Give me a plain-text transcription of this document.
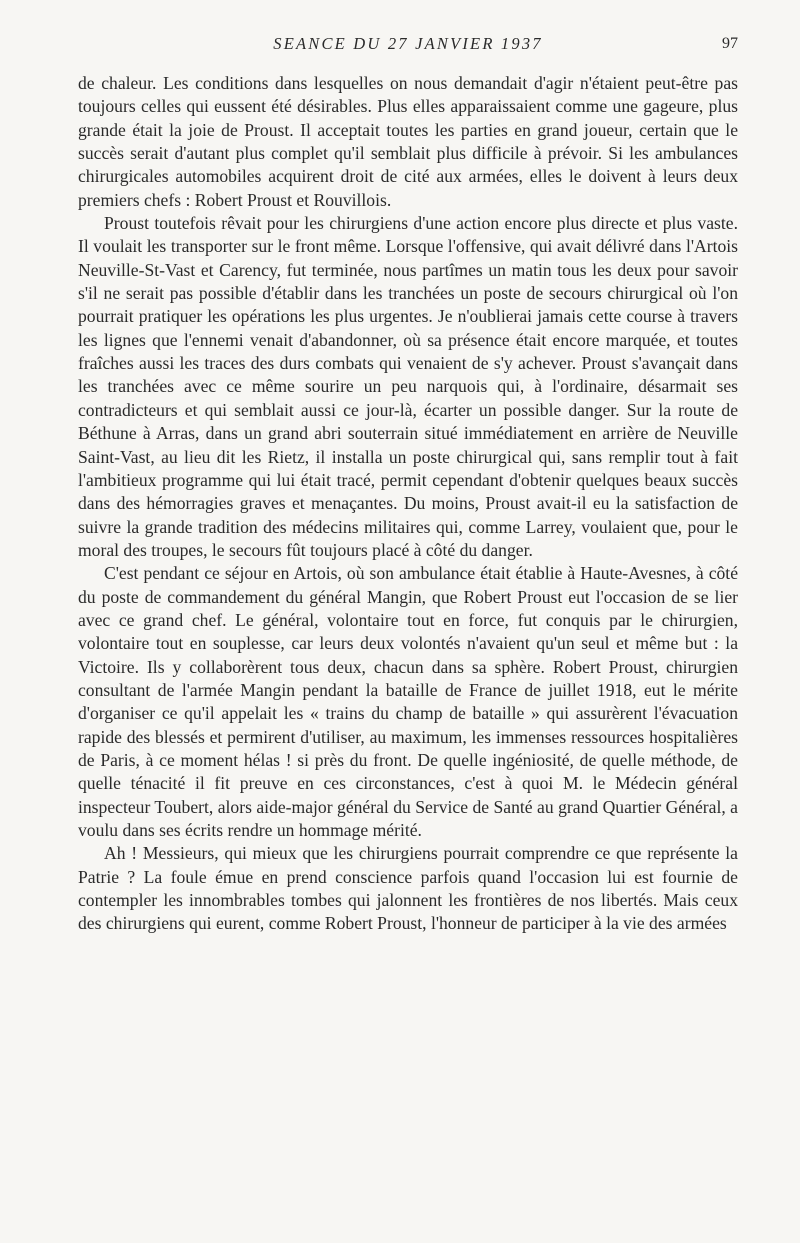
SEANCE DU 27 JANVIER 1937	97

de chaleur. Les conditions dans lesquelles on nous demandait d'agir n'étaient peut-être pas toujours celles qui eussent été désirables. Plus elles apparaissaient comme une gageure, plus grande était la joie de Proust. Il acceptait toutes les parties en grand joueur, certain que le succès serait d'autant plus complet qu'il semblait plus difficile à prévoir. Si les ambulances chirurgicales automobiles acquirent droit de cité aux armées, elles le doivent à leurs deux premiers chefs : Robert Proust et Rouvillois.

Proust toutefois rêvait pour les chirurgiens d'une action encore plus directe et plus vaste. Il voulait les transporter sur le front même. Lorsque l'offensive, qui avait délivré dans l'Artois Neuville-St-Vast et Carency, fut terminée, nous partîmes un matin tous les deux pour savoir s'il ne serait pas possible d'établir dans les tranchées un poste de secours chirurgical où l'on pourrait pratiquer les opérations les plus urgentes. Je n'oublierai jamais cette course à travers les lignes que l'ennemi venait d'abandonner, où sa présence était encore marquée, et toutes fraîches aussi les traces des durs combats qui venaient de s'y achever. Proust s'avançait dans les tranchées avec ce même sourire un peu narquois qui, à l'ordinaire, désarmait ses contradicteurs et qui semblait aussi ce jour-là, écarter un possible danger. Sur la route de Béthune à Arras, dans un grand abri souterrain situé immédiatement en arrière de Neuville Saint-Vast, au lieu dit les Rietz, il installa un poste chirurgical qui, sans remplir tout à fait l'ambitieux programme qui lui était tracé, permit cependant d'obtenir quelques beaux succès dans des hémorragies graves et menaçantes. Du moins, Proust avait-il eu la satisfaction de suivre la grande tradition des médecins militaires qui, comme Larrey, voulaient que, pour le moral des troupes, le secours fût toujours placé à côté du danger.

C'est pendant ce séjour en Artois, où son ambulance était établie à Haute-Avesnes, à côté du poste de commandement du général Mangin, que Robert Proust eut l'occasion de se lier avec ce grand chef. Le général, volontaire tout en force, fut conquis par le chirurgien, volontaire tout en souplesse, car leurs deux volontés n'avaient qu'un seul et même but : la Victoire. Ils y collaborèrent tous deux, chacun dans sa sphère. Robert Proust, chirurgien consultant de l'armée Mangin pendant la bataille de France de juillet 1918, eut le mérite d'organiser ce qu'il appelait les « trains du champ de bataille » qui assurèrent l'évacuation rapide des blessés et permirent d'utiliser, au maximum, les immenses ressources hospitalières de Paris, à ce moment hélas ! si près du front. De quelle ingéniosité, de quelle méthode, de quelle ténacité il fit preuve en ces circonstances, c'est à quoi M. le Médecin général inspecteur Toubert, alors aide-major général du Service de Santé au grand Quartier Général, a voulu dans ses écrits rendre un hommage mérité.

Ah ! Messieurs, qui mieux que les chirurgiens pourrait comprendre ce que représente la Patrie ? La foule émue en prend conscience parfois quand l'occasion lui est fournie de contempler les innombrables tombes qui jalonnent les frontières de nos libertés. Mais ceux des chirurgiens qui eurent, comme Robert Proust, l'honneur de participer à la vie des armées
